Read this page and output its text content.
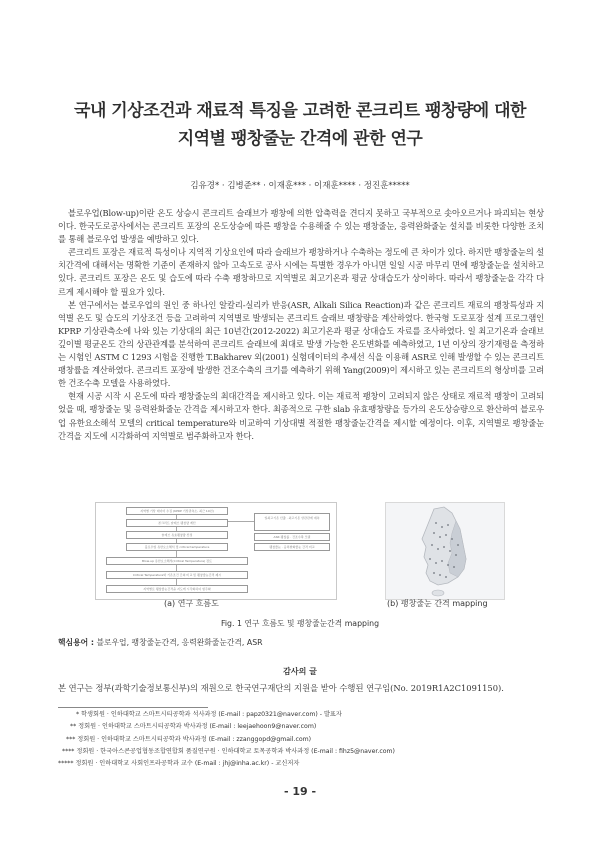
국내 기상조건과 재료적 특징을 고려한 콘크리트 팽창량에 대한
지역별 팽창줄눈 간격에 관한 연구
김유경* · 김병준** · 이재훈*** · 이재훈**** · 정진훈*****

블로우업(Blow-up)이란 온도 상승시 콘크리트 슬래브가 팽창에 의한 압축력을 견디지 못하고 국부적으로 솟아오르거나 파괴되는 현상이다. 한국도로공사에서는 콘크리트 포장의 온도상승에 따른 팽창을 수용해줄 수 있는 팽창줄눈, 응력완화줄눈 설치를 비롯한 다양한 조치를 통해 블로우업 발생을 예방하고 있다.

콘크리트 포장은 재료적 특성이나 지역적 기상요인에 따라 슬래브가 팽창하거나 수축하는 정도에 큰 차이가 있다. 하지만 팽창줄눈의 설치간격에 대해서는 명확한 기준이 존재하지 않아 고속도로 공사 시에는 특별한 경우가 아니면 일일 시공 마무리 면에 팽창줄눈을 설치하고 있다. 콘크리트 포장은 온도 및 습도에 따라 수축 팽창하므로 지역별로 최고기온과 평균 상대습도가 상이하다. 따라서 팽창줄눈을 각각 다르게 제시해야 할 필요가 있다.

본 연구에서는 블로우업의 원인 중 하나인 알칼리-실리카 반응(ASR, Alkali Silica Reaction)과 같은 콘크리트 재료의 팽창특성과 지역별 온도 및 습도의 기상조건 등을 고려하여 지역별로 발생되는 콘크리트 슬래브 팽창량을 계산하였다. 한국형 도로포장 설계 프로그램인 KPRP 기상관측소에 나와 있는 기상대의 최근 10년간(2012-2022) 최고기온과 평균 상대습도 자료를 조사하였다. 일 최고기온과 슬래브 깊이별 평균온도 간의 상관관계를 분석하여 콘크리트 슬래브에 최대로 발생 가능한 온도변화를 예측하였고, 1년 이상의 장기재령을 측정하는 시험인 ASTM C 1293 시험을 진행한 T.Bakharev 외(2001) 실험데이터의 추세선 식을 이용해 ASR로 인해 발생할 수 있는 콘크리트 팽창률을 계산하였다. 콘크리트 포장에 발생한 건조수축의 크기를 예측하기 위해 Yang(2009)이 제시하고 있는 콘크리트의 형상비를 고려한 건조수축 모델을 사용하였다.

현재 시공 시작 시 온도에 따라 팽창줄눈의 최대간격을 제시하고 있다. 이는 재료적 팽창이 고려되지 않은 상태로 재료적 팽창이 고려되었을 때, 팽창줄눈 및 응력완화줄눈 간격을 제시하고자 한다. 최종적으로 구한 slab 유효팽창량을 등가의 온도상승량으로 환산하여 블로우업 유한요소해석 모델의 critical temperature와 비교하여 기상대별 적절한 팽창줄눈간격을 제시할 예정이다. 이후, 지역별로 팽창줄눈간격을 지도에 시각화하여 지역별로 범주화하고자 한다.

지역별 기상 데이터 수집 (KPRP 기상관측소, 최근 10년)
콘크리트 슬래브 팽창량 계산
슬래브 유효팽창량 산정
블로우업 유한요소해석 및 critical temperature
Blow-up 유한요소해석(Critical Temperature) 검토
Critical Temperature와 기온조건 간의 비교 및 팽창줄눈간격 제시
지역별로 팽창줄눈간격을 지도에 시각화하여 범주화
일최고기온 산출 · 최고기온 상관관계 예측
ASR 팽창률 · 건조수축 모델
팽창줄눈 · 응력완화줄눈 간격 비교
(a) 연구 흐름도	(b) 팽창줄눈 간격 mapping
Fig. 1 연구 흐름도 및 팽창줄눈간격 mapping
핵심용어 : 블로우업, 팽창줄눈간격, 응력완화줄눈간격, ASR
감사의 글
본 연구는 정부(과학기술정보통신부)의 재원으로 한국연구재단의 지원을 받아 수행된 연구임(No. 2019R1A2C1091150).
* 학생회원 · 인하대학교 스마트시티공학과 석사과정 (E-mail : papz0321@naver.com) - 발표자
** 정회원 · 인하대학교 스마트시티공학과 박사과정 (E-mail : leejaehoon9@naver.com)
*** 정회원 · 인하대학교 스마트시티공학과 박사과정 (E-mail : zzanggopd@gmail.com)
**** 정회원 · 한국아스콘공업협동조합연합회 품질연구원 · 인하대학교 토목공학과 박사과정 (E-mail : fihz5@naver.com)
***** 정회원 · 인하대학교 사회인프라공학과 교수 (E-mail : jhj@inha.ac.kr) - 교신저자
- 19 -
